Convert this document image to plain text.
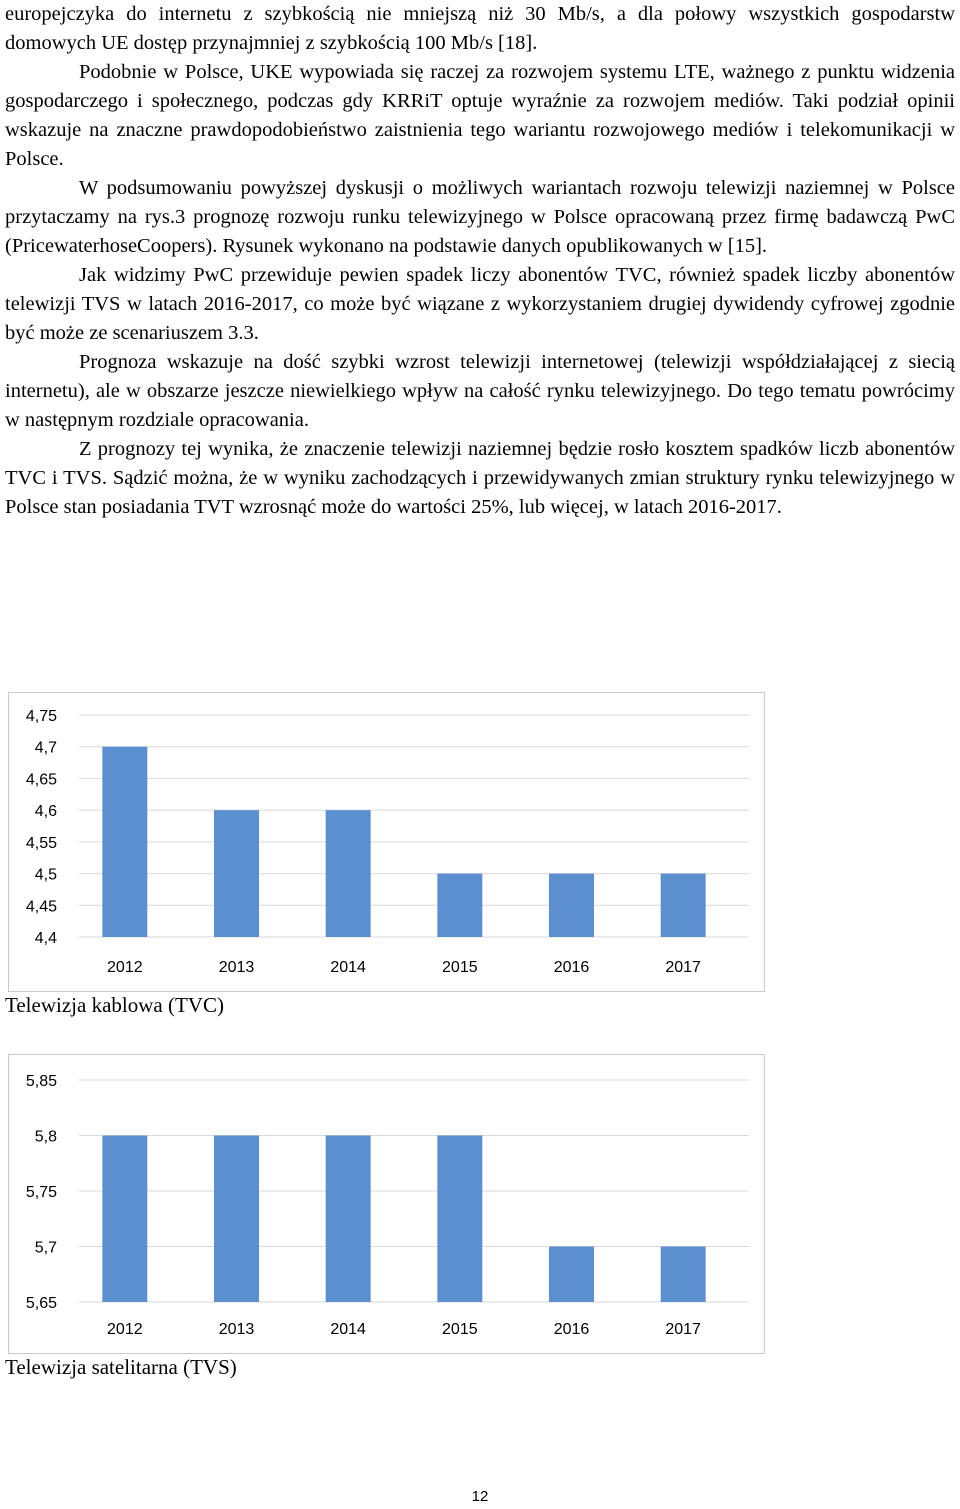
europejczyka do internetu z szybkością nie mniejszą niż 30 Mb/s, a dla połowy wszystkich gospodarstw domowych UE dostęp przynajmniej z szybkością 100 Mb/s [18].

Podobnie w Polsce, UKE wypowiada się raczej za rozwojem systemu LTE, ważnego z punktu widzenia gospodarczego i społecznego, podczas gdy KRRiT optuje wyraźnie za rozwojem mediów. Taki podział opinii wskazuje na znaczne prawdopodobieństwo zaistnienia tego wariantu rozwojowego mediów i telekomunikacji w Polsce.

W podsumowaniu powyższej dyskusji o możliwych wariantach rozwoju telewizji naziemnej w Polsce przytaczamy na rys.3 prognozę rozwoju runku telewizyjnego w Polsce opracowaną przez firmę badawczą PwC (PricewaterhoseCoopers). Rysunek wykonano na podstawie danych opublikowanych w [15].

Jak widzimy PwC przewiduje pewien spadek liczy abonentów TVC, również spadek liczby abonentów telewizji TVS w latach 2016-2017, co może być wiązane z wykorzystaniem drugiej dywidendy cyfrowej zgodnie być może ze scenariuszem 3.3.

Prognoza wskazuje na dość szybki wzrost telewizji internetowej (telewizji współdziałającej z siecią internetu), ale w obszarze jeszcze niewielkiego wpływ na całość rynku telewizyjnego. Do tego tematu powrócimy w następnym rozdziale opracowania.

Z prognozy tej wynika, że znaczenie telewizji naziemnej będzie rosło kosztem spadków liczb abonentów TVC i TVS. Sądzić można, że w wyniku zachodzących i przewidywanych zmian struktury rynku telewizyjnego w Polsce stan posiadania TVT wzrosnąć może do wartości 25%, lub więcej, w latach 2016-2017.

4,4
4,45
4,5
4,55
4,6
4,65
4,7
4,75
2012	2013	2014	2015	2016	2017
Telewizja kablowa (TVC)
5,65
5,7
5,75
5,8
5,85
2012	2013	2014	2015	2016	2017
Telewizja satelitarna (TVS)
12
